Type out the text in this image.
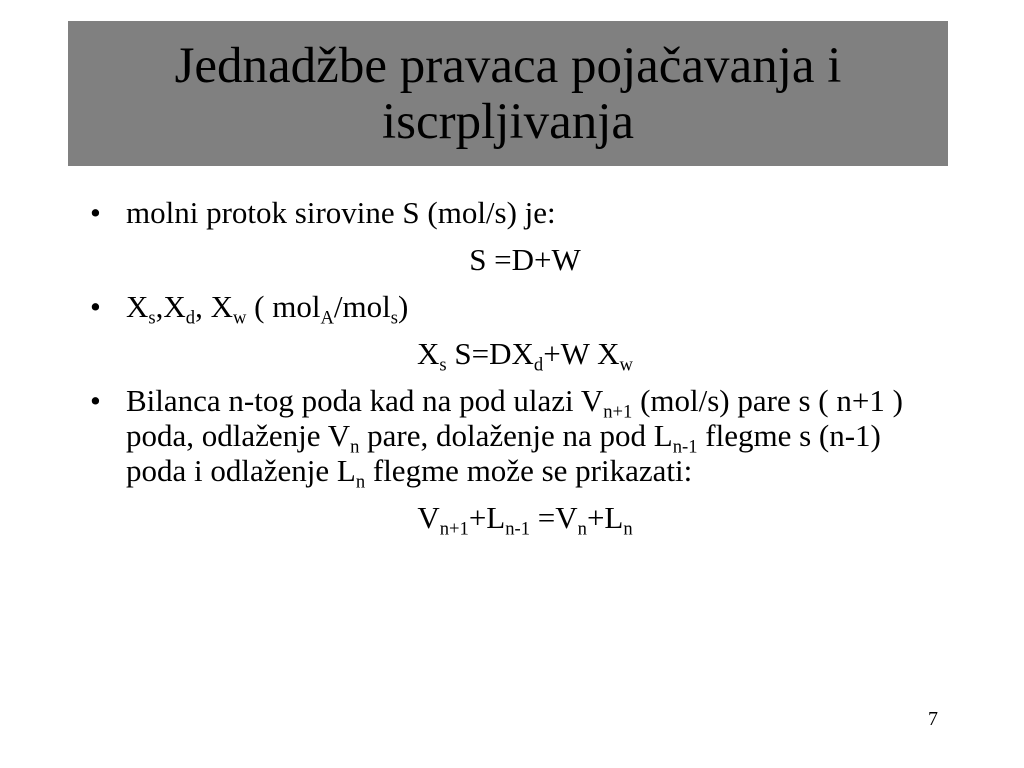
Jednadžbe pravaca pojačavanja i iscrpljivanja
• molni protok sirovine S (mol/s) je:
S =D+W
• $X_s,X_d$, $X_w$ ( mol$_A$/mol$_s$)
$X_s$ $S=DX_d+W$ $X_w$
• Bilanca n-tog poda kad na pod ulazi $V_{n+1}$ (mol/s) pare s ( n+1 ) poda, odlaženje $V_n$ pare, dolaženje na pod $L_{n-1}$ flegme s (n-1) poda i odlaženje $L_n$ flegme može se prikazati:
$V_{n+1}+L_{n-1} =V_n+L_n$
7
